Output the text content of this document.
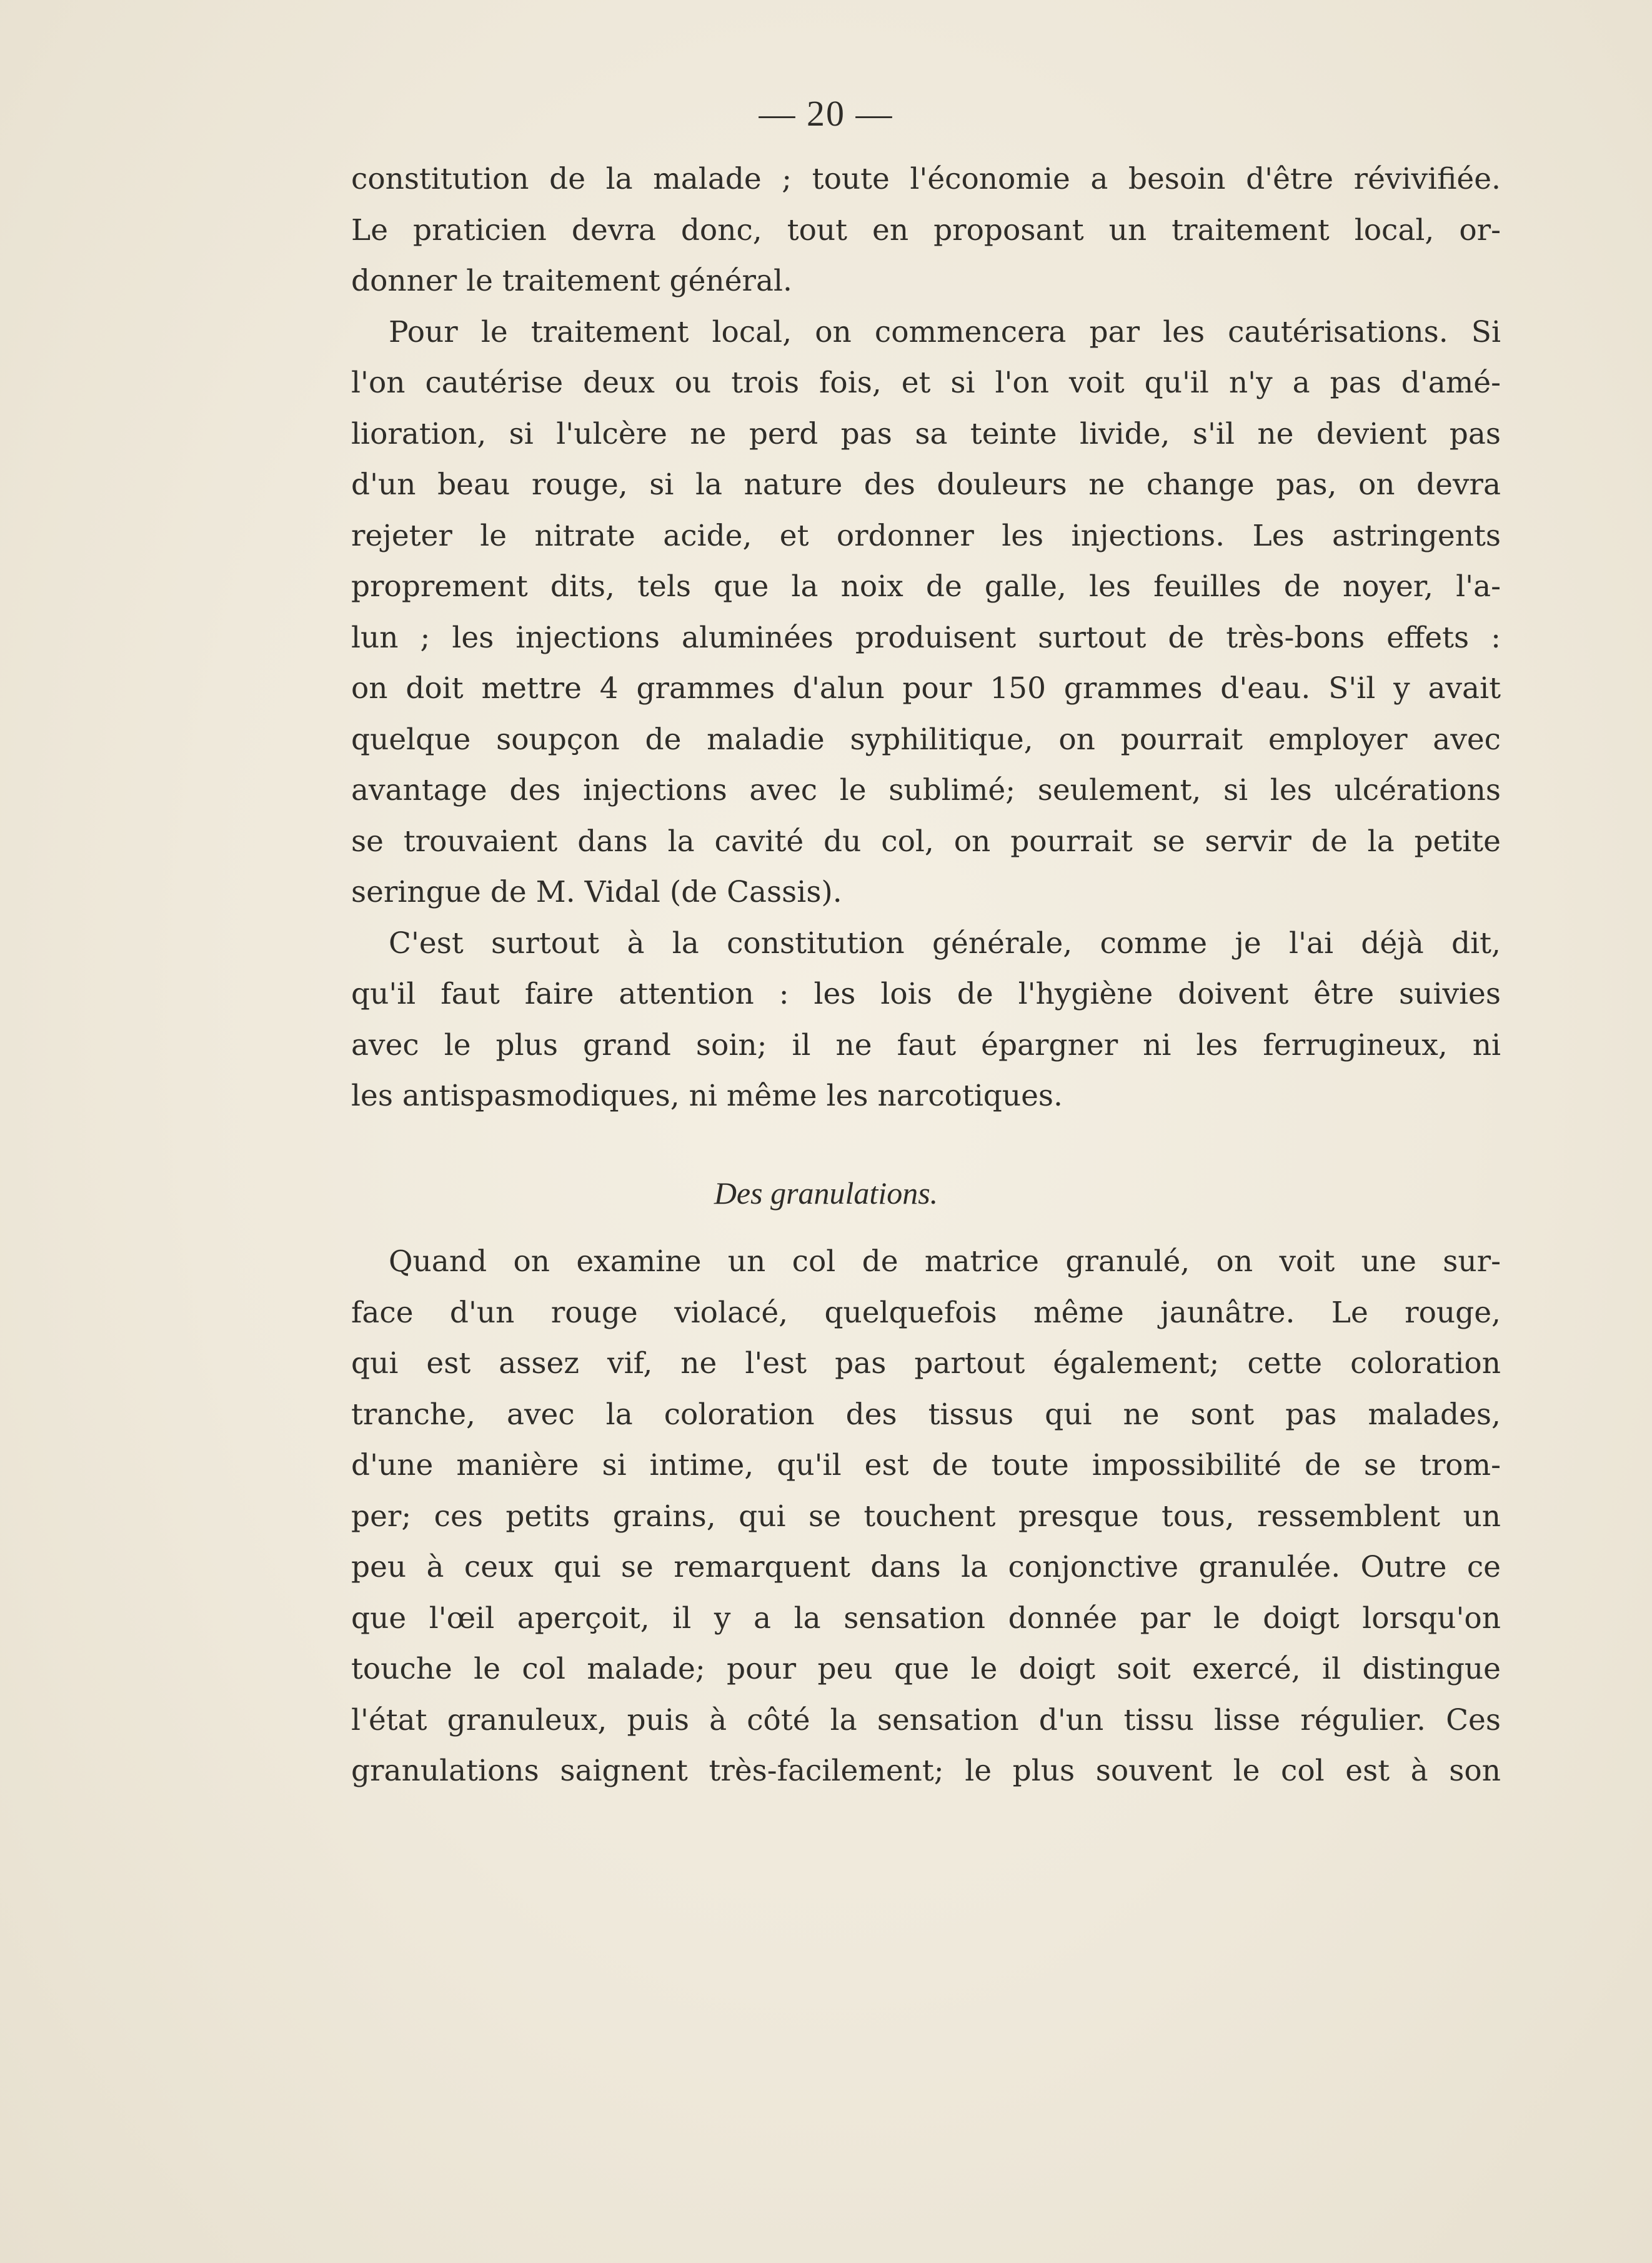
— 20 —
constitution de la malade ; toute l'économie a besoin d'être révivifiée.
Le praticien devra donc, tout en proposant un traitement local, or-
donner le traitement général.
Pour le traitement local, on commencera par les cautérisations. Si
l'on cautérise deux ou trois fois, et si l'on voit qu'il n'y a pas d'amé-
lioration, si l'ulcère ne perd pas sa teinte livide, s'il ne devient pas
d'un beau rouge, si la nature des douleurs ne change pas, on devra
rejeter le nitrate acide, et ordonner les injections. Les astringents
proprement dits, tels que la noix de galle, les feuilles de noyer, l'a-
lun ; les injections aluminées produisent surtout de très-bons effets :
on doit mettre 4 grammes d'alun pour 150 grammes d'eau. S'il y avait
quelque soupçon de maladie syphilitique, on pourrait employer avec
avantage des injections avec le sublimé; seulement, si les ulcérations
se trouvaient dans la cavité du col, on pourrait se servir de la petite
seringue de M. Vidal (de Cassis).
C'est surtout à la constitution générale, comme je l'ai déjà dit,
qu'il faut faire attention : les lois de l'hygiène doivent être suivies
avec le plus grand soin; il ne faut épargner ni les ferrugineux, ni
les antispasmodiques, ni même les narcotiques.
Des granulations.
Quand on examine un col de matrice granulé, on voit une sur-
face d'un rouge violacé, quelquefois même jaunâtre. Le rouge,
qui est assez vif, ne l'est pas partout également; cette coloration
tranche, avec la coloration des tissus qui ne sont pas malades,
d'une manière si intime, qu'il est de toute impossibilité de se trom-
per; ces petits grains, qui se touchent presque tous, ressemblent un
peu à ceux qui se remarquent dans la conjonctive granulée. Outre ce
que l'œil aperçoit, il y a la sensation donnée par le doigt lorsqu'on
touche le col malade; pour peu que le doigt soit exercé, il distingue
l'état granuleux, puis à côté la sensation d'un tissu lisse régulier. Ces
granulations saignent très-facilement; le plus souvent le col est à son
